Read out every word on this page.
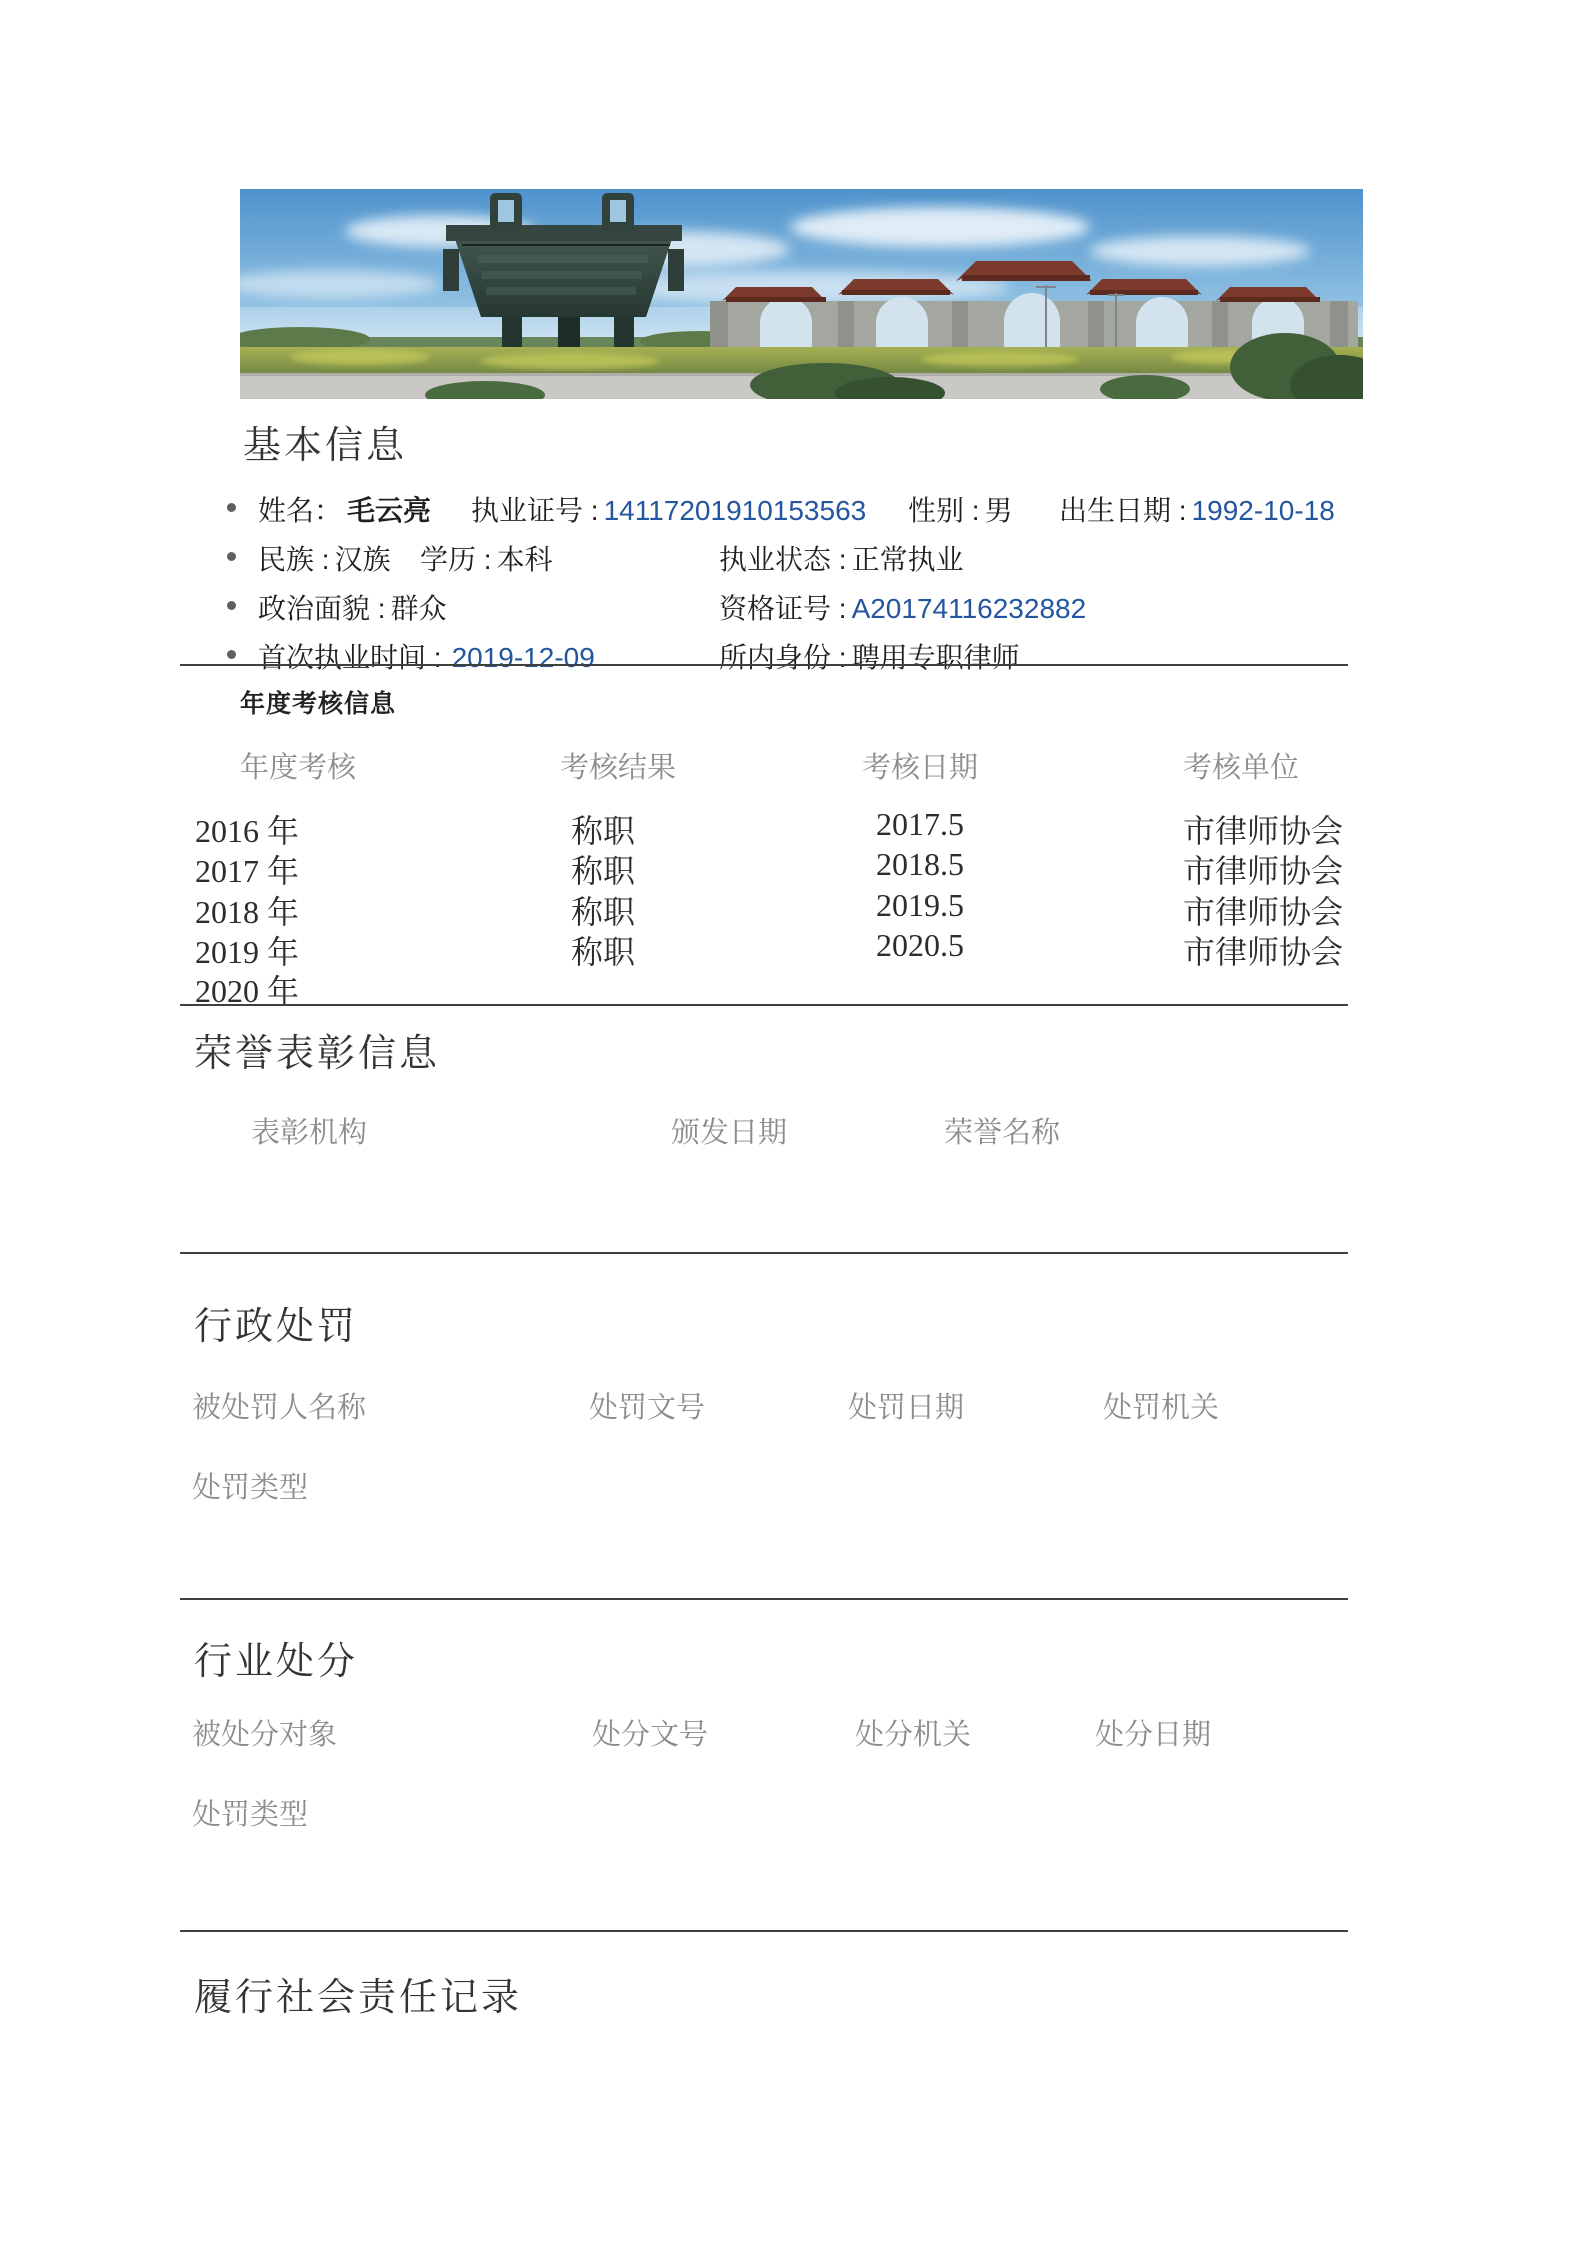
基本信息
姓名： 毛云亮 执业证号 : 14117201910153563 性别 : 男 出生日期 : 1992-10-18
民族 : 汉族 学历 : 本科	执业状态 : 正常执业
政治面貌 : 群众	资格证号 : A20174116232882
首次执业时间 : 2019-12-09	所内身份 : 聘用专职律师
年度考核信息
年度考核	考核结果	考核日期	考核单位
2016 年	称职	2017.5	市律师协会
2017 年	称职	2018.5	市律师协会
2018 年	称职	2019.5	市律师协会
2019 年	称职	2020.5	市律师协会
2020 年
荣誉表彰信息
表彰机构	颁发日期	荣誉名称
行政处罚
被处罚人名称	处罚文号	处罚日期	处罚机关
处罚类型
行业处分
被处分对象	处分文号	处分机关	处分日期
处罚类型
履行社会责任记录
